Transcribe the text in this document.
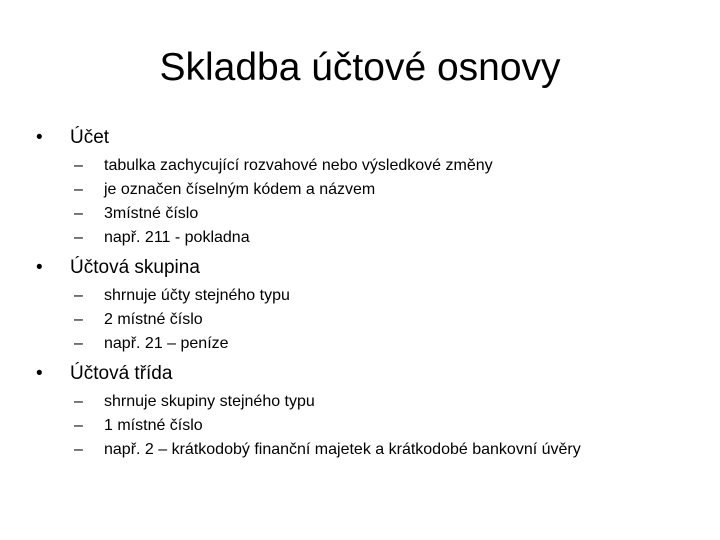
Skladba účtové osnovy
•	Účet
–	tabulka zachycující rozvahové nebo výsledkové změny
–	je označen číselným kódem a názvem
–	3místné číslo
–	např. 211 - pokladna
•	Účtová skupina
–	shrnuje účty stejného typu
–	2 místné číslo
–	např. 21 – peníze
•	Účtová třída
–	shrnuje skupiny stejného typu
–	1 místné číslo
–	např. 2 – krátkodobý finanční majetek a krátkodobé bankovní úvěry
